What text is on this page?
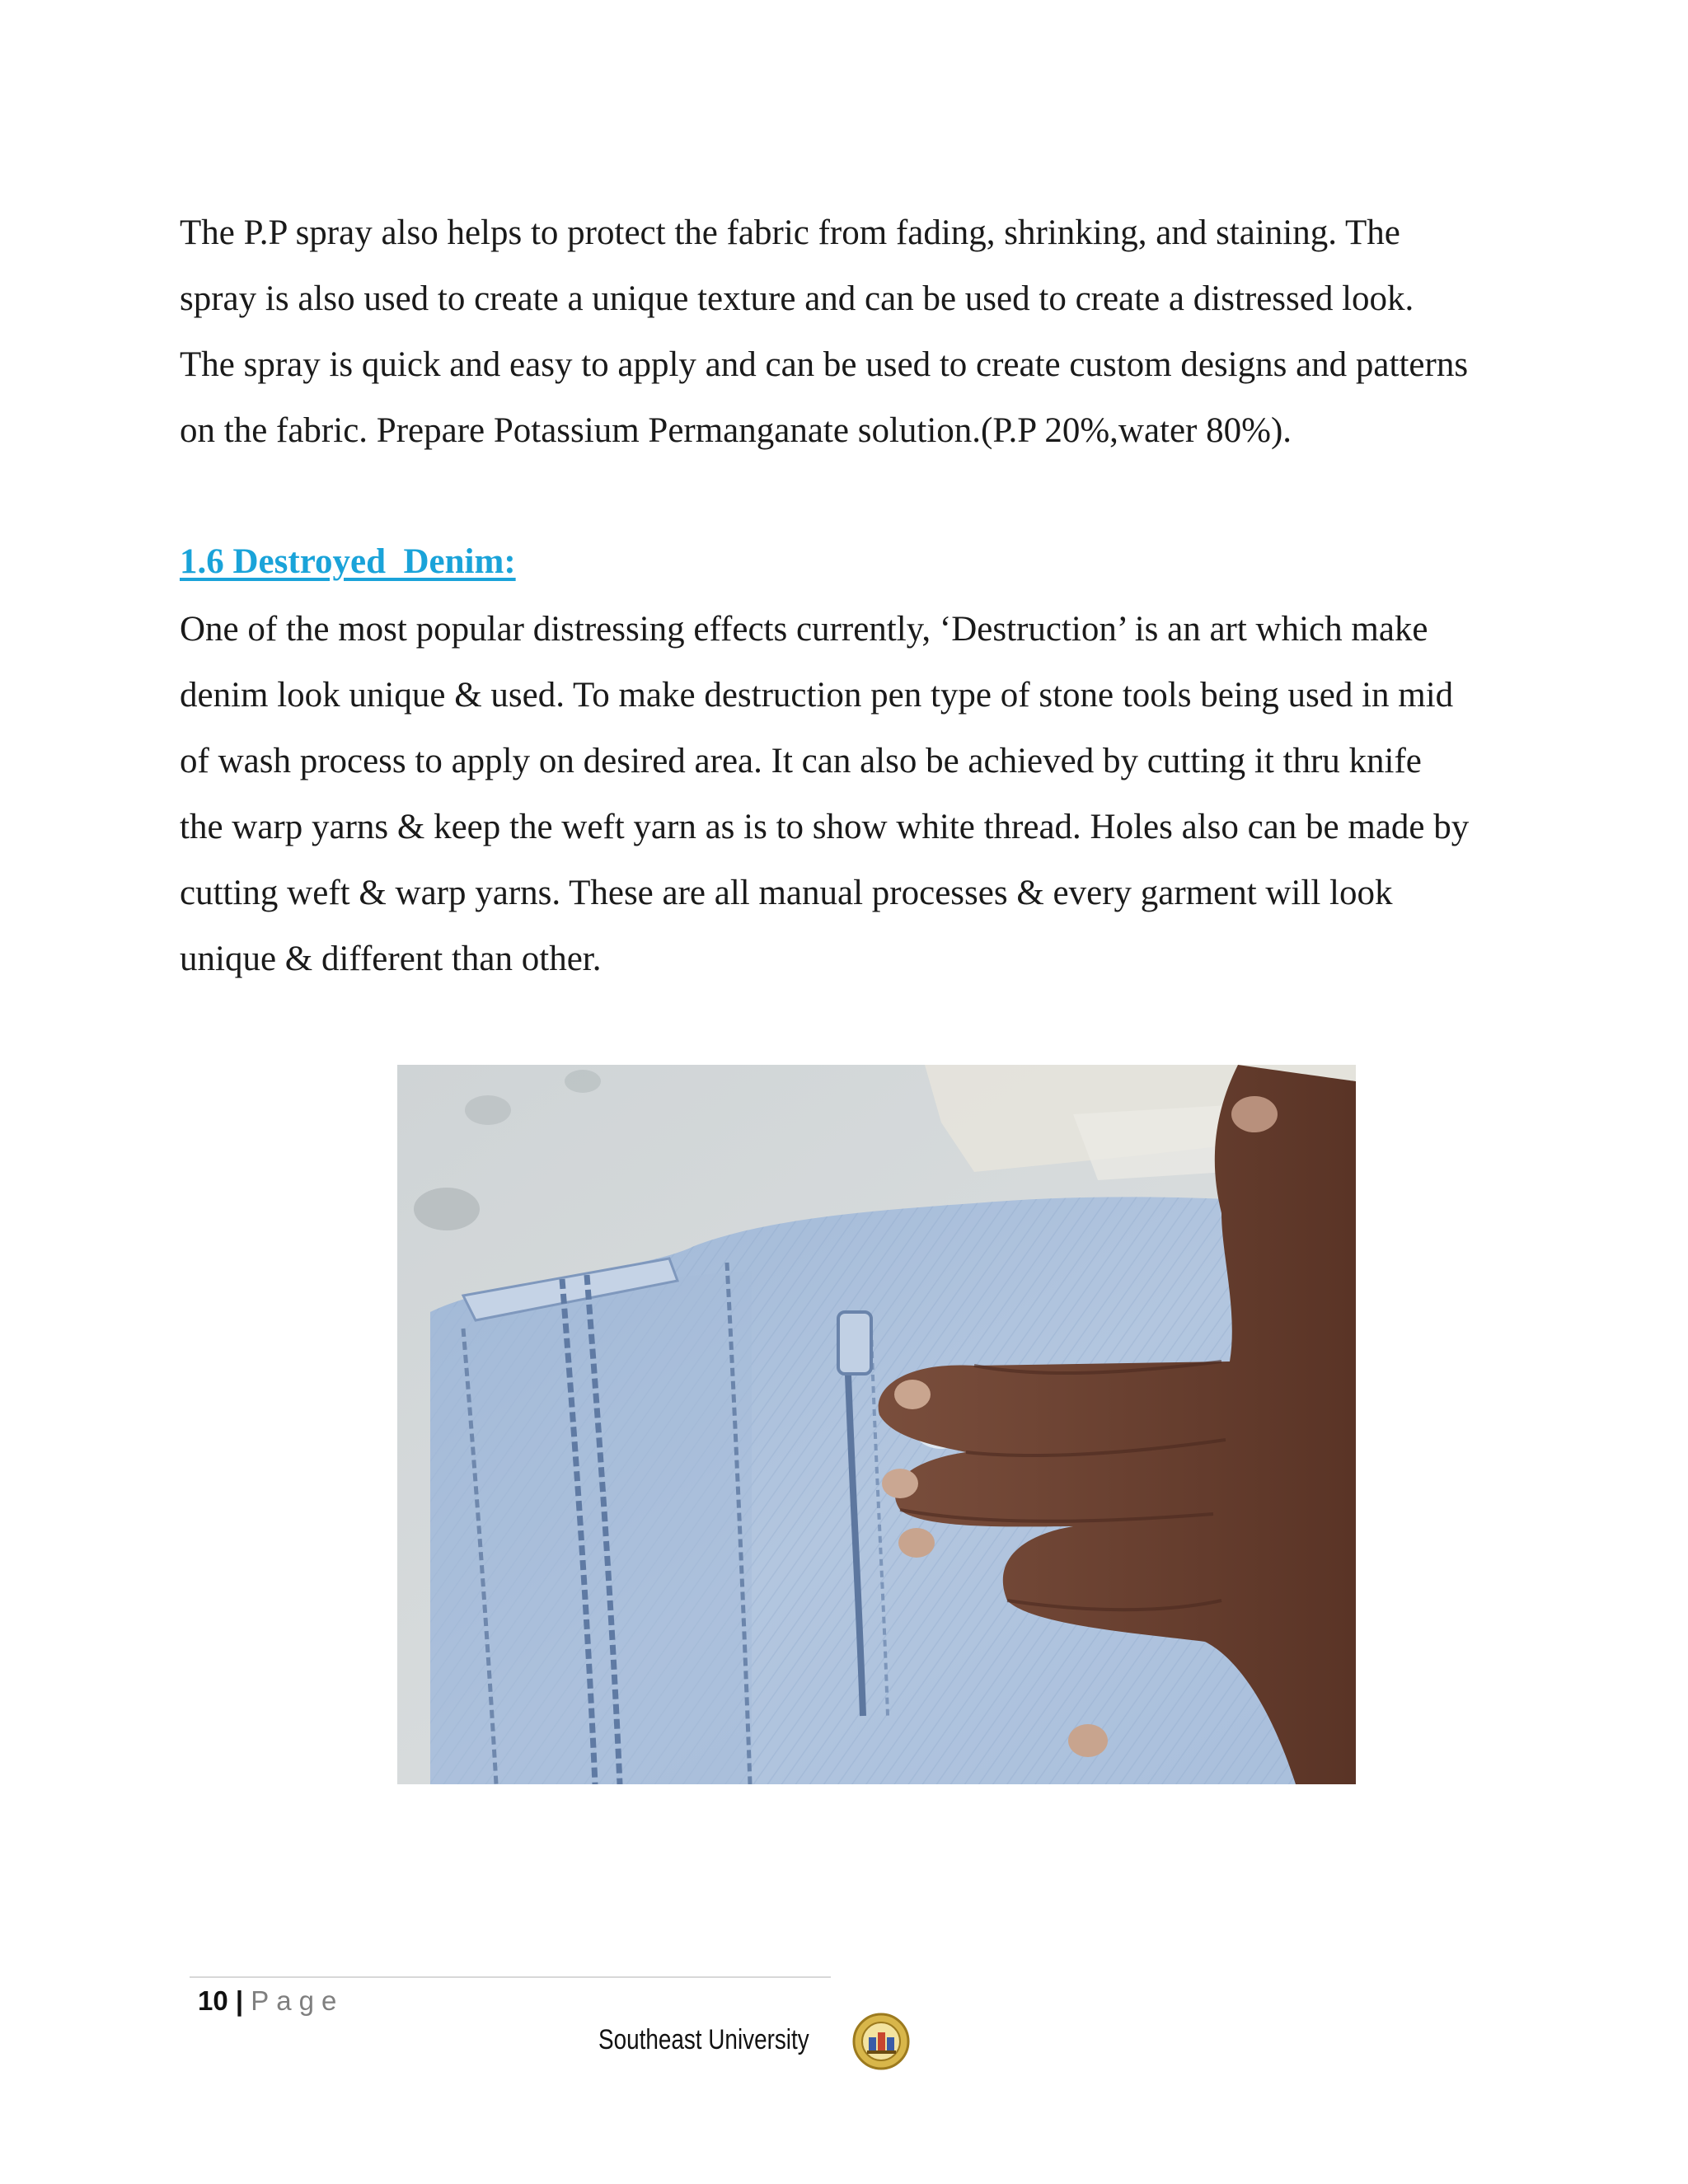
The P.P spray also helps to protect the fabric from fading, shrinking, and staining. The
spray is also used to create a unique texture and can be used to create a distressed look.
The spray is quick and easy to apply and can be used to create custom designs and patterns
on the fabric. Prepare Potassium Permanganate solution.(P.P 20%,water 80%).

1.6 Destroyed  Denim:

One of the most popular distressing effects currently, ‘Destruction’ is an art which make
denim look unique & used. To make destruction pen type of stone tools being used in mid
of wash process to apply on desired area. It can also be achieved by cutting it thru knife
the warp yarns & keep the weft yarn as is to show white thread. Holes also can be made by
cutting weft & warp yarns. These are all manual processes & every garment will look
unique & different than other.

10 | Page
Southeast University
